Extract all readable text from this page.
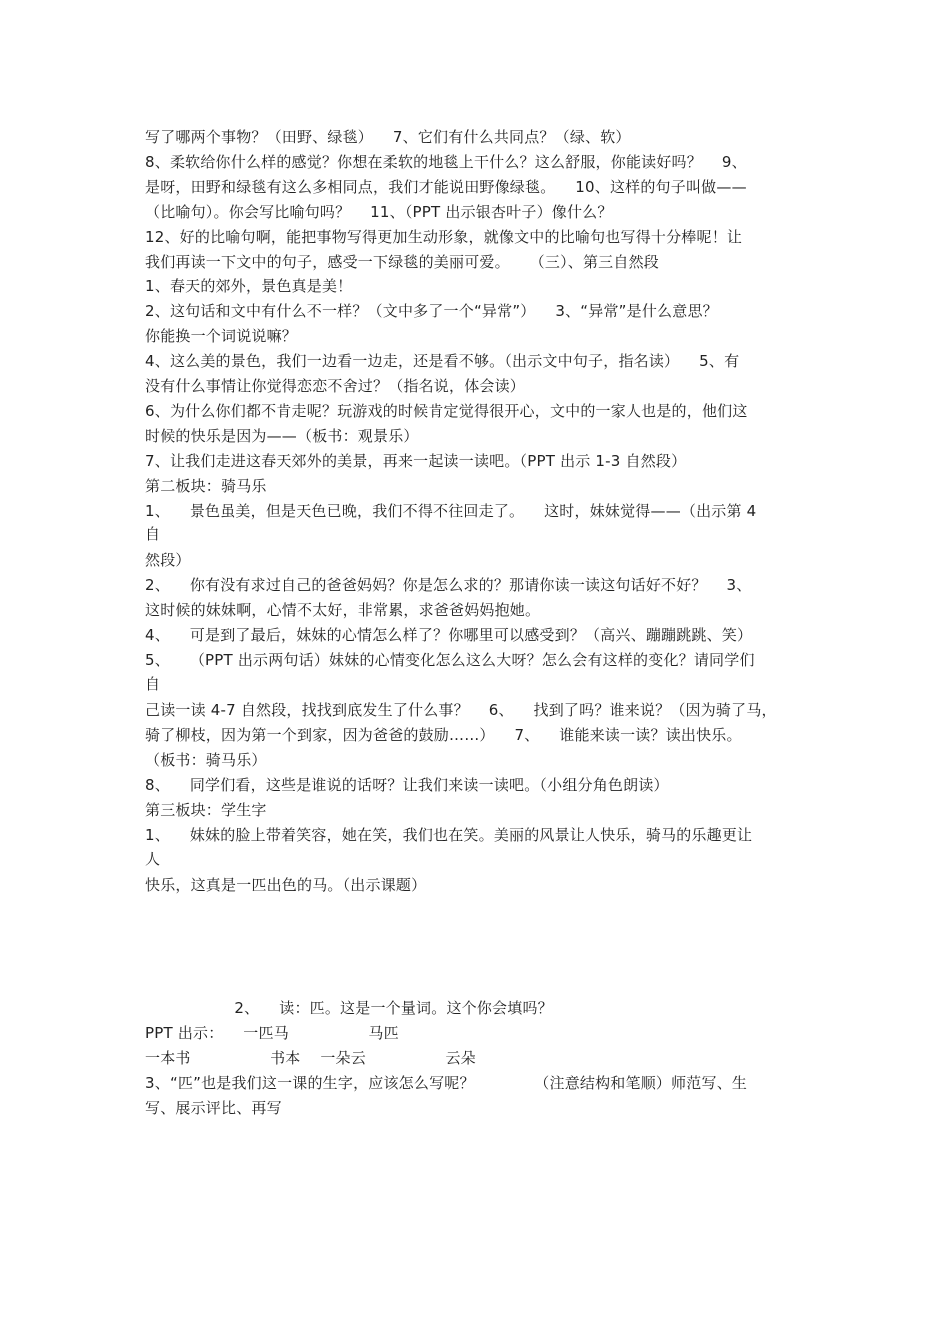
写了哪两个事物？（田野、绿毯）    7、它们有什么共同点？（绿、软）
8、柔软给你什么样的感觉？你想在柔软的地毯上干什么？这么舒服，你能读好吗？    9、
是呀，田野和绿毯有这么多相同点，我们才能说田野像绿毯。    10、这样的句子叫做——
（比喻句）。你会写比喻句吗？    11、（PPT 出示银杏叶子）像什么？
12、好的比喻句啊，能把事物写得更加生动形象，就像文中的比喻句也写得十分棒呢！让
我们再读一下文中的句子，感受一下绿毯的美丽可爱。    （三）、第三自然段
1、春天的郊外，景色真是美！
2、这句话和文中有什么不一样？（文中多了一个“异常”）    3、“异常”是什么意思？
你能换一个词说说嘛？
4、这么美的景色，我们一边看一边走，还是看不够。（出示文中句子，指名读）    5、有
没有什么事情让你觉得恋恋不舍过？（指名说，体会读）
6、为什么你们都不肯走呢？玩游戏的时候肯定觉得很开心，文中的一家人也是的，他们这
时候的快乐是因为——（板书：观景乐）
7、让我们走进这春天郊外的美景，再来一起读一读吧。（PPT 出示 1-3 自然段）
第二板块：骑马乐
1、    景色虽美，但是天色已晚，我们不得不往回走了。    这时，妹妹觉得——（出示第 4
自
然段）
2、    你有没有求过自己的爸爸妈妈？你是怎么求的？那请你读一读这句话好不好？    3、
这时候的妹妹啊，心情不太好，非常累，求爸爸妈妈抱她。
4、    可是到了最后，妹妹的心情怎么样了？你哪里可以感受到？（高兴、蹦蹦跳跳、笑）
5、    （PPT 出示两句话）妹妹的心情变化怎么这么大呀？怎么会有这样的变化？请同学们
自
己读一读 4-7 自然段，找找到底发生了什么事？    6、    找到了吗？谁来说？（因为骑了马，
骑了柳枝，因为第一个到家，因为爸爸的鼓励……）    7、    谁能来读一读？读出快乐。
（板书：骑马乐）
8、    同学们看，这些是谁说的话呀？让我们来读一读吧。（小组分角色朗读）
第三板块：学生字
1、    妹妹的脸上带着笑容，她在笑，我们也在笑。美丽的风景让人快乐，骑马的乐趣更让
人
快乐，这真是一匹出色的马。（出示课题）
2、    读：匹。这是一个量词。这个你会填吗？
PPT 出示：    一匹马                马匹
一本书                书本    一朵云                云朵
3、“匹”也是我们这一课的生字，应该怎么写呢？            （注意结构和笔顺）师范写、生
写、展示评比、再写
